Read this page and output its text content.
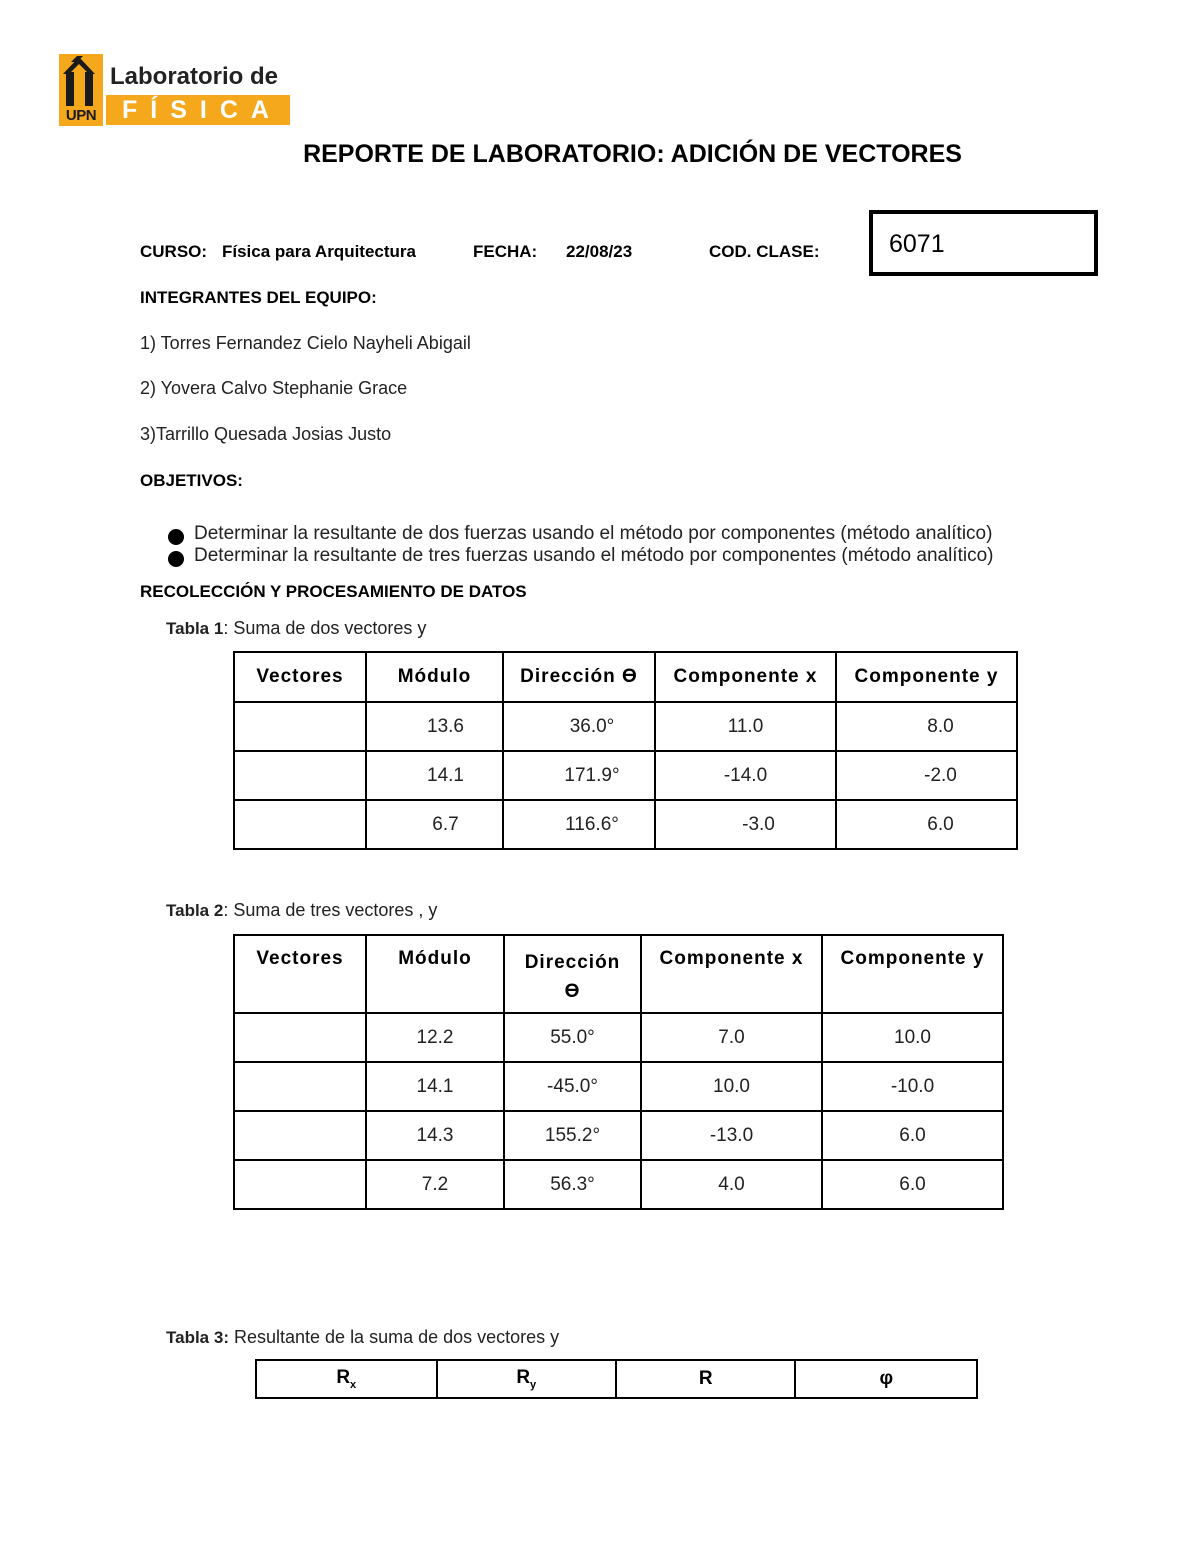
UPN
Laboratorio de
FÍSICA
REPORTE DE LABORATORIO: ADICIÓN DE VECTORES
CURSO: Física para Arquitectura	FECHA: 22/08/23	COD. CLASE:	6071
INTEGRANTES DEL EQUIPO:
1) Torres Fernandez Cielo Nayheli Abigail
2) Yovera Calvo Stephanie Grace
3)Tarrillo Quesada Josias Justo
OBJETIVOS:
Determinar la resultante de dos fuerzas usando el método por componentes (método analítico)
Determinar la resultante de tres fuerzas usando el método por componentes (método analítico)
RECOLECCIÓN Y PROCESAMIENTO DE DATOS
Tabla 1: Suma de dos vectores y
Vectores	Módulo	Dirección ϴ	Componente x	Componente y
	13.6	36.0°	11.0	8.0
	14.1	171.9°	-14.0	-2.0
	6.7	116.6°	-3.0	6.0
Tabla 2: Suma de tres vectores , y
Vectores	Módulo	Dirección ϴ	Componente x	Componente y
	12.2	55.0°	7.0	10.0
	14.1	-45.0°	10.0	-10.0
	14.3	155.2°	-13.0	6.0
	7.2	56.3°	4.0	6.0
Tabla 3: Resultante de la suma de dos vectores y
$R_x$	$R_y$	R	φ
